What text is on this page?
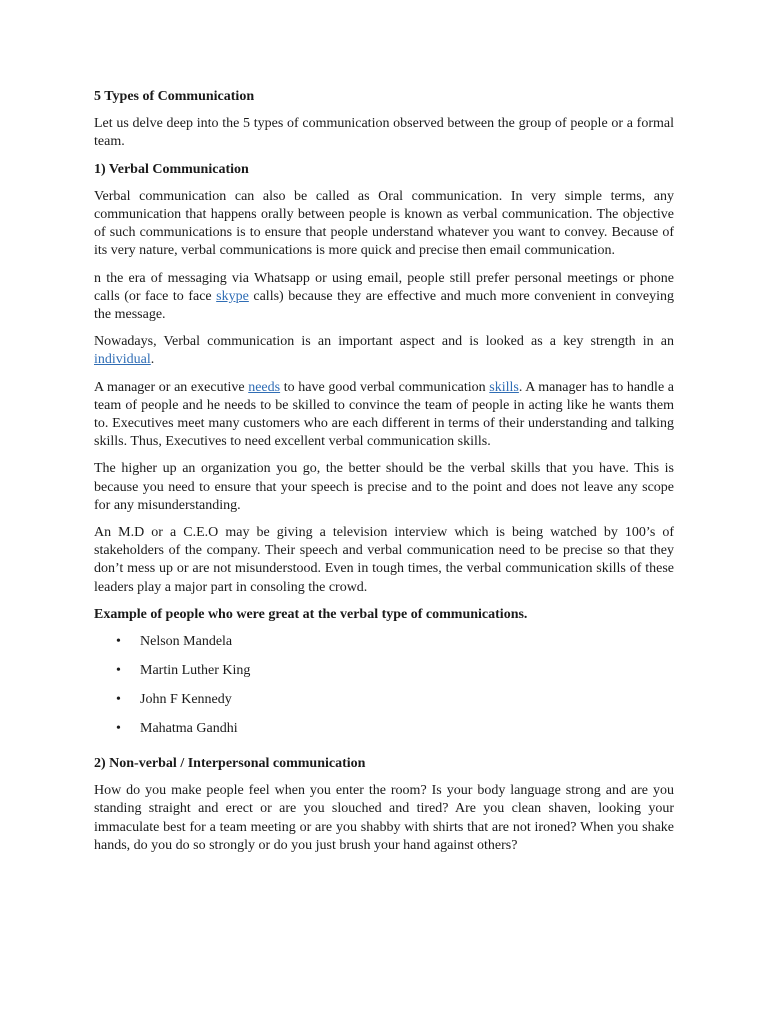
5 Types of Communication

Let us delve deep into the 5 types of communication observed between the group of people or a formal team.

1) Verbal Communication

Verbal communication can also be called as Oral communication. In very simple terms, any communication that happens orally between people is known as verbal communication. The objective of such communications is to ensure that people understand whatever you want to convey. Because of its very nature, verbal communications is more quick and precise then email communication.

n the era of messaging via Whatsapp or using email, people still prefer personal meetings or phone calls (or face to face skype calls) because they are effective and much more convenient in conveying the message.

Nowadays, Verbal communication is an important aspect and is looked as a key strength in an individual.

A manager or an executive needs to have good verbal communication skills. A manager has to handle a team of people and he needs to be skilled to convince the team of people in acting like he wants them to. Executives meet many customers who are each different in terms of their understanding and talking skills. Thus, Executives to need excellent verbal communication skills.

The higher up an organization you go, the better should be the verbal skills that you have. This is because you need to ensure that your speech is precise and to the point and does not leave any scope for any misunderstanding.

An M.D or a C.E.O may be giving a television interview which is being watched by 100’s of stakeholders of the company. Their speech and verbal communication need to be precise so that they don’t mess up or are not misunderstood. Even in tough times, the verbal communication skills of these leaders play a major part in consoling the crowd.

Example of people who were great at the verbal type of communications.

• Nelson Mandela
• Martin Luther King
• John F Kennedy
• Mahatma Gandhi

2) Non-verbal / Interpersonal communication

How do you make people feel when you enter the room? Is your body language strong and are you standing straight and erect or are you slouched and tired? Are you clean shaven, looking your immaculate best for a team meeting or are you shabby with shirts that are not ironed? When you shake hands, do you do so strongly or do you just brush your hand against others?
